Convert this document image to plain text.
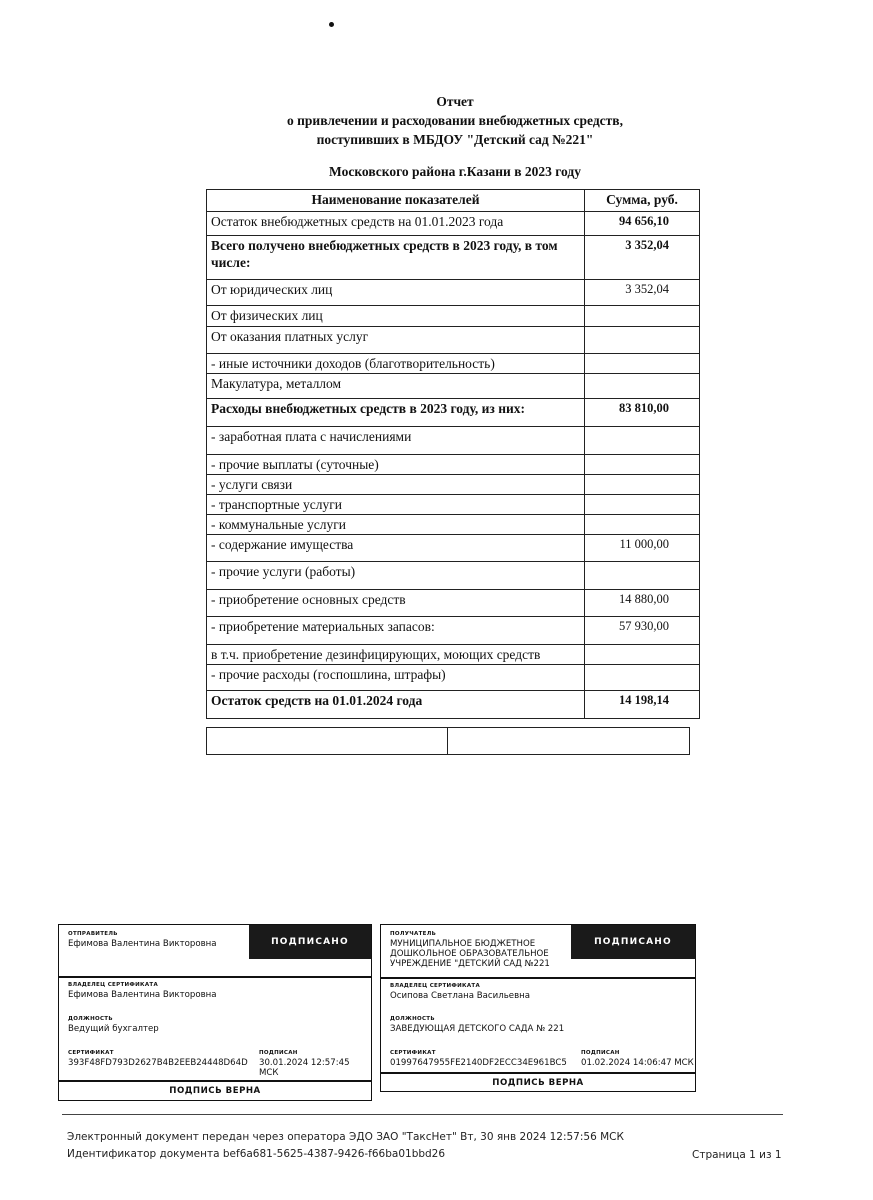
Отчет
о привлечении и расходовании внебюджетных средств,
поступивших в МБДОУ "Детский сад №221"
Московского района г.Казани в 2023 году
Наименование показателей	Сумма, руб.
Остаток внебюджетных средств на 01.01.2023 года	94 656,10
Всего получено внебюджетных средств в 2023 году, в том числе:	3 352,04
От юридических лиц	3 352,04
От физических лиц	
От оказания платных услуг	
- иные источники доходов (благотворительность)	
Макулатура, металлом	
Расходы внебюджетных средств в 2023 году, из них:	83 810,00
- заработная плата с начислениями	
- прочие выплаты (суточные)	
- услуги связи	
- транспортные услуги	
- коммунальные услуги	
- содержание имущества	11 000,00
- прочие услуги (работы)	
- приобретение основных средств	14 880,00
- приобретение материальных запасов:	57 930,00
в т.ч. приобретение дезинфицирующих, моющих средств	
- прочие расходы (госпошлина, штрафы)	
Остаток средств на 01.01.2024 года	14 198,14
ОТПРАВИТЕЛЬ
Ефимова Валентина Викторовна	ПОДПИСАНО
ВЛАДЕЛЕЦ СЕРТИФИКАТА
Ефимова Валентина Викторовна
ДОЛЖНОСТЬ
Ведущий бухгалтер
СЕРТИФИКАТ
393F48FD793D2627B4B2EEB24448D64D
ПОДПИСАН
30.01.2024 12:57:45 МСК
ПОДПИСЬ ВЕРНА
ПОЛУЧАТЕЛЬ
МУНИЦИПАЛЬНОЕ БЮДЖЕТНОЕ ДОШКОЛЬНОЕ ОБРАЗОВАТЕЛЬНОЕ УЧРЕЖДЕНИЕ "ДЕТСКИЙ САД №221
ПОДПИСАНО
ВЛАДЕЛЕЦ СЕРТИФИКАТА
Осипова Светлана Васильевна
ДОЛЖНОСТЬ
ЗАВЕДУЮЩАЯ ДЕТСКОГО САДА № 221
СЕРТИФИКАТ
01997647955FE2140DF2ECC34E961BC5
ПОДПИСАН
01.02.2024 14:06:47 МСК
ПОДПИСЬ ВЕРНА
Электронный документ передан через оператора ЭДО ЗАО "ТаксНет" Вт, 30 янв 2024 12:57:56 МСК
Идентификатор документа bef6a681-5625-4387-9426-f66ba01bbd26	Страница 1 из 1
